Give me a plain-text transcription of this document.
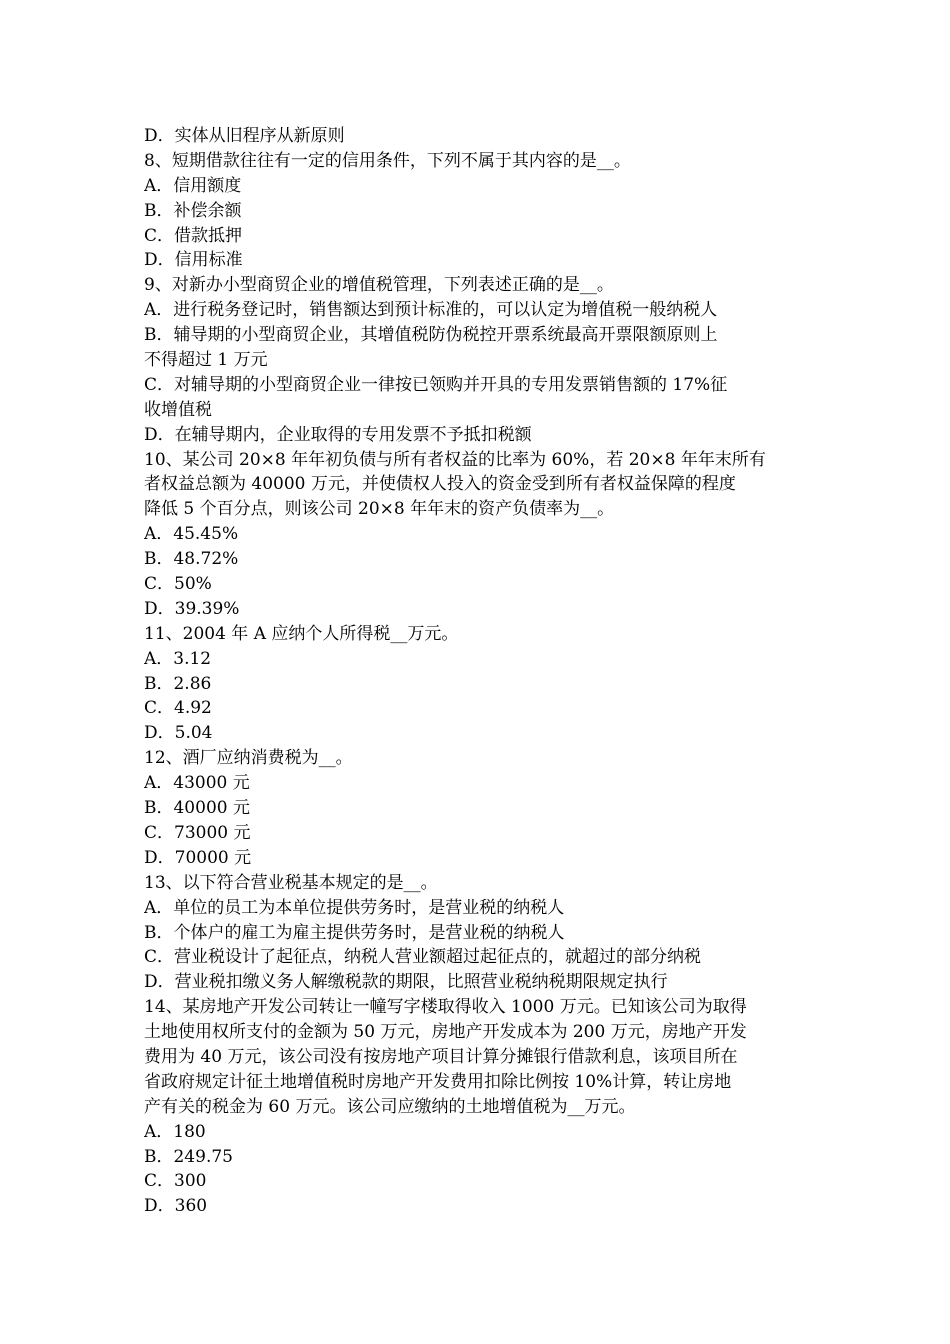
D．实体从旧程序从新原则
8、短期借款往往有一定的信用条件，下列不属于其内容的是__。
A．信用额度
B．补偿余额
C．借款抵押
D．信用标准
9、对新办小型商贸企业的增值税管理，下列表述正确的是__。
A．进行税务登记时，销售额达到预计标准的，可以认定为增值税一般纳税人
B．辅导期的小型商贸企业，其增值税防伪税控开票系统最高开票限额原则上
不得超过 1 万元
C．对辅导期的小型商贸企业一律按已领购并开具的专用发票销售额的 17%征
收增值税
D．在辅导期内，企业取得的专用发票不予抵扣税额
10、某公司 20×8 年年初负债与所有者权益的比率为 60%，若 20×8 年年末所有
者权益总额为 40000 万元，并使债权人投入的资金受到所有者权益保障的程度
降低 5 个百分点，则该公司 20×8 年年末的资产负债率为__。
A．45.45%
B．48.72%
C．50%
D．39.39%
11、2004 年 A 应纳个人所得税__万元。
A．3.12
B．2.86
C．4.92
D．5.04
12、酒厂应纳消费税为__。
A．43000 元
B．40000 元
C．73000 元
D．70000 元
13、以下符合营业税基本规定的是__。
A．单位的员工为本单位提供劳务时，是营业税的纳税人
B．个体户的雇工为雇主提供劳务时，是营业税的纳税人
C．营业税设计了起征点，纳税人营业额超过起征点的，就超过的部分纳税
D．营业税扣缴义务人解缴税款的期限，比照营业税纳税期限规定执行
14、某房地产开发公司转让一幢写字楼取得收入 1000 万元。已知该公司为取得
土地使用权所支付的金额为 50 万元，房地产开发成本为 200 万元，房地产开发
费用为 40 万元，该公司没有按房地产项目计算分摊银行借款利息，该项目所在
省政府规定计征土地增值税时房地产开发费用扣除比例按 10%计算，转让房地
产有关的税金为 60 万元。该公司应缴纳的土地增值税为__万元。
A．180
B．249.75
C．300
D．360
